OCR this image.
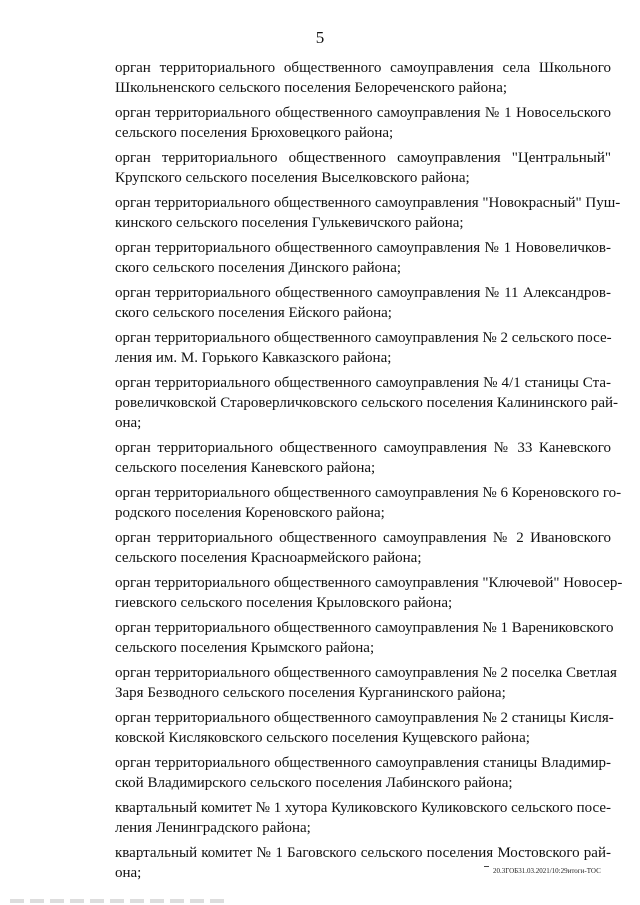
5

орган территориального общественного самоуправления села Школьного
Школьненского сельского поселения Белореченского района;

орган территориального общественного самоуправления № 1 Новосельского
сельского поселения Брюховецкого района;

орган территориального общественного самоуправления "Центральный"
Крупского сельского поселения Выселковского района;

орган территориального общественного самоуправления "Новокрасный" Пуш-
кинского сельского поселения Гулькевичского района;

орган территориального общественного самоуправления № 1 Нововеличков-
ского сельского поселения Динского района;

орган территориального общественного самоуправления № 11 Александров-
ского сельского поселения Ейского района;

орган территориального общественного самоуправления № 2 сельского посе-
ления им. М. Горького Кавказского района;

орган территориального общественного самоуправления № 4/1 станицы Ста-
ровеличковской Староверличковского сельского поселения Калининского рай-
она;

орган территориального общественного самоуправления № 33 Каневского
сельского поселения Каневского района;

орган территориального общественного самоуправления № 6 Кореновского го-
родского поселения Кореновского района;

орган территориального общественного самоуправления № 2 Ивановского
сельского поселения Красноармейского района;

орган территориального общественного самоуправления "Ключевой" Новосер-
гиевского сельского поселения Крыловского района;

орган территориального общественного самоуправления № 1 Варениковского
сельского поселения Крымского района;

орган территориального общественного самоуправления № 2 поселка Светлая
Заря Безводного сельского поселения Курганинского района;

орган территориального общественного самоуправления № 2 станицы Кисля-
ковской Кисляковского сельского поселения Кущевского района;

орган территориального общественного самоуправления станицы Владимир-
ской Владимирского сельского поселения Лабинского района;

квартальный комитет № 1 хутора Куликовского Куликовского сельского посе-
ления Ленинградского района;

квартальный комитет № 1 Баговского сельского поселения Мостовского рай-
она;	20.3ГОБ31.03.2021/10:29итоги-ТОС
